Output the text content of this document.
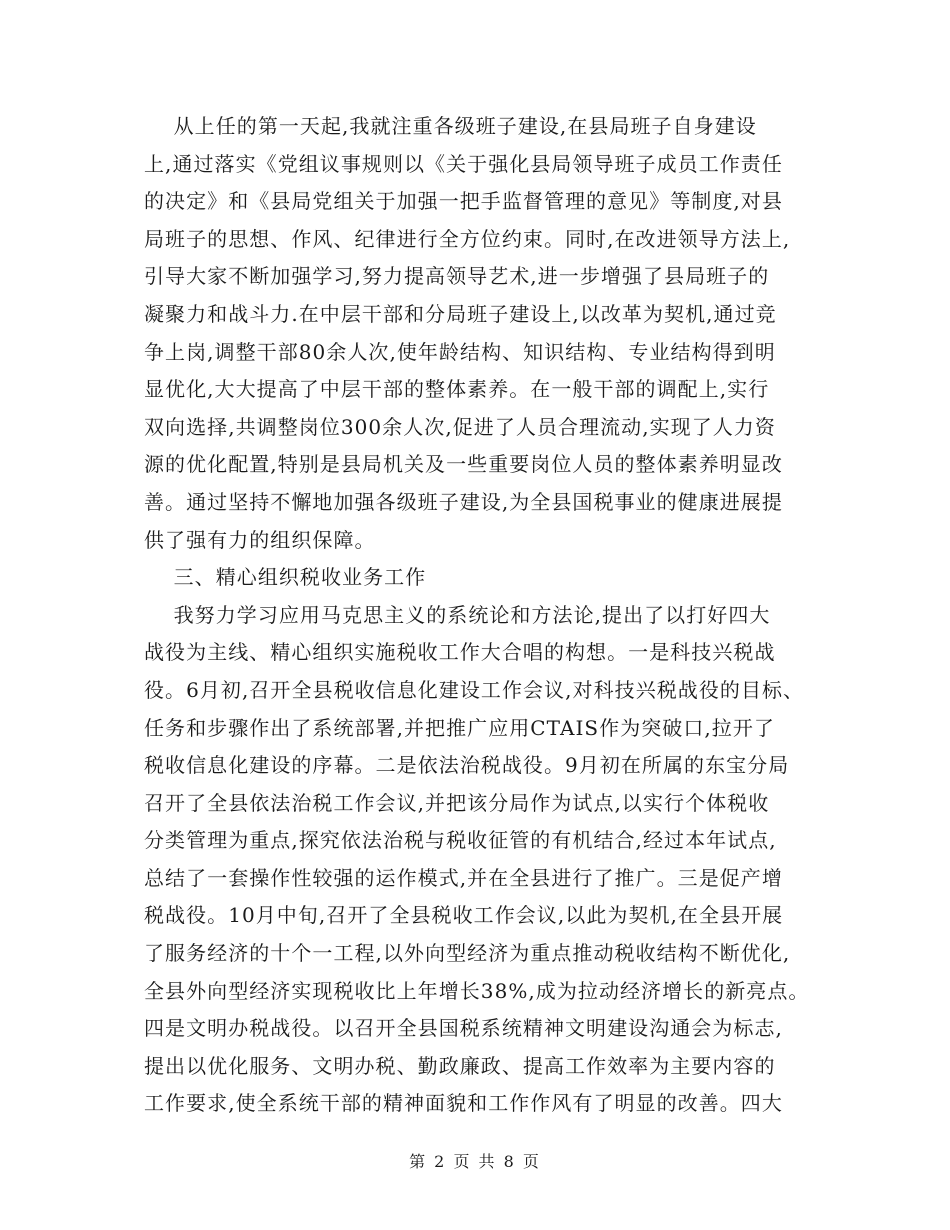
从上任的第一天起,我就注重各级班子建设,在县局班子自身建设
上,通过落实《党组议事规则以《关于强化县局领导班子成员工作责任
的决定》和《县局党组关于加强一把手监督管理的意见》等制度,对县
局班子的思想、作风、纪律进行全方位约束。同时,在改进领导方法上,
引导大家不断加强学习,努力提高领导艺术,进一步增强了县局班子的
凝聚力和战斗力.在中层干部和分局班子建设上,以改革为契机,通过竞
争上岗,调整干部80余人次,使年龄结构、知识结构、专业结构得到明
显优化,大大提高了中层干部的整体素养。在一般干部的调配上,实行
双向选择,共调整岗位300余人次,促进了人员合理流动,实现了人力资
源的优化配置,特别是县局机关及一些重要岗位人员的整体素养明显改
善。通过坚持不懈地加强各级班子建设,为全县国税事业的健康进展提
供了强有力的组织保障。
三、精心组织税收业务工作
我努力学习应用马克思主义的系统论和方法论,提出了以打好四大
战役为主线、精心组织实施税收工作大合唱的构想。一是科技兴税战
役。6月初,召开全县税收信息化建设工作会议,对科技兴税战役的目标、
任务和步骤作出了系统部署,并把推广应用CTAIS作为突破口,拉开了
税收信息化建设的序幕。二是依法治税战役。9月初在所属的东宝分局
召开了全县依法治税工作会议,并把该分局作为试点,以实行个体税收
分类管理为重点,探究依法治税与税收征管的有机结合,经过本年试点,
总结了一套操作性较强的运作模式,并在全县进行了推广。三是促产增
税战役。10月中旬,召开了全县税收工作会议,以此为契机,在全县开展
了服务经济的十个一工程,以外向型经济为重点推动税收结构不断优化,
全县外向型经济实现税收比上年增长38%,成为拉动经济增长的新亮点。
四是文明办税战役。以召开全县国税系统精神文明建设沟通会为标志,
提出以优化服务、文明办税、勤政廉政、提高工作效率为主要内容的
工作要求,使全系统干部的精神面貌和工作作风有了明显的改善。四大
第 2 页 共 8 页
